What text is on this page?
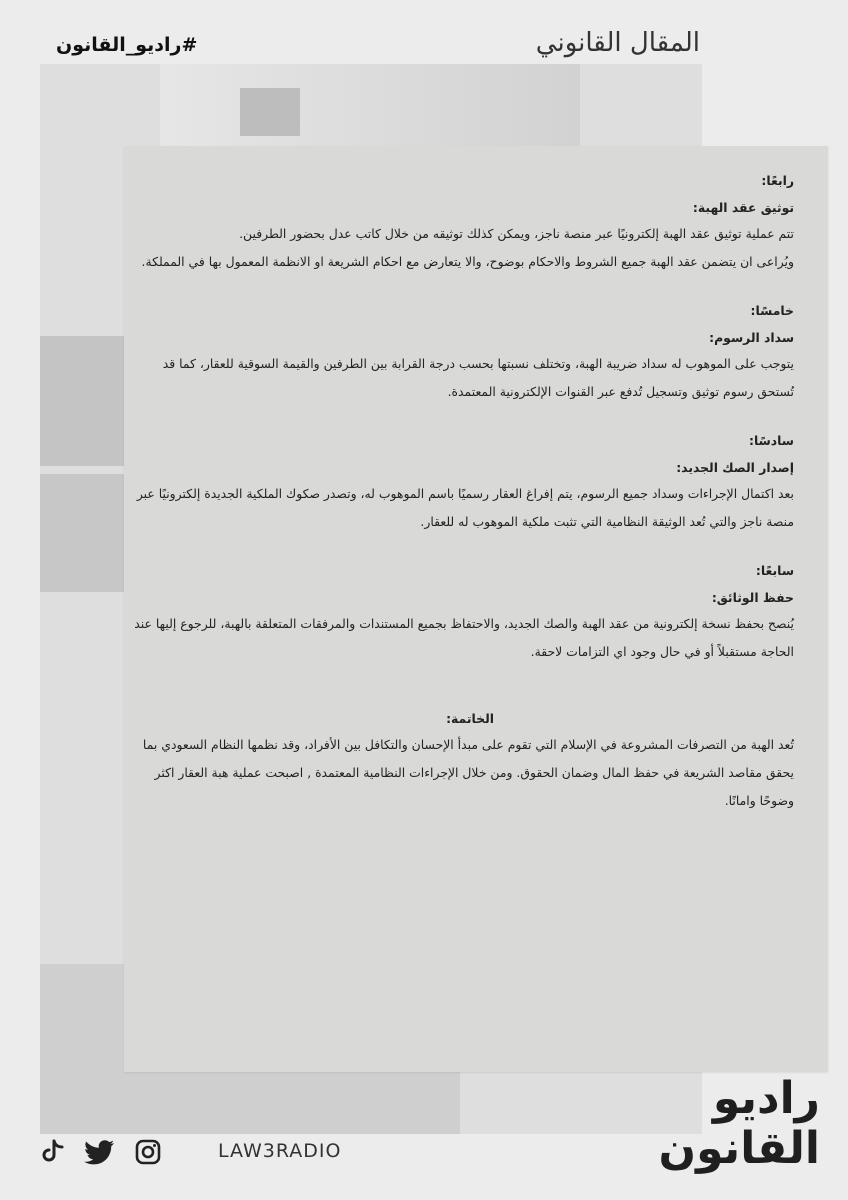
المقال القانوني
#راديو_القانون

رابعًا:

توثيق عقد الهبة:

تتم عملية توثيق عقد الهبة إلكترونيًا عبر منصة ناجز، ويمكن كذلك توثيقه من خلال كاتب عدل بحضور الطرفين.

ويُراعى ان يتضمن عقد الهبة جميع الشروط والاحكام بوضوح، والا يتعارض مع احكام الشريعة او الانظمة المعمول بها في المملكة.

خامسًا:

سداد الرسوم:

يتوجب على الموهوب له سداد ضريبة الهبة، وتختلف نسبتها بحسب درجة القرابة بين الطرفين والقيمة السوقية للعقار، كما قد تُستحق رسوم توثيق وتسجيل تُدفع عبر القنوات الإلكترونية المعتمدة.

سادسًا:

إصدار الصك الجديد:

بعد اكتمال الإجراءات وسداد جميع الرسوم، يتم إفراغ العقار رسميًا باسم الموهوب له، وتصدر صكوك الملكية الجديدة إلكترونيًا عبر منصة ناجز والتي تُعد الوثيقة النظامية التي تثبت ملكية الموهوب له للعقار.

سابعًا:

حفظ الوثائق:

يُنصح بحفظ نسخة إلكترونية من عقد الهبة والصك الجديد، والاحتفاظ بجميع المستندات والمرفقات المتعلقة بالهبة، للرجوع إليها عند الحاجة مستقبلاً أو في حال وجود اي التزامات لاحقة.

الخاتمة:

تُعد الهبة من التصرفات المشروعة في الإسلام التي تقوم على مبدأ الإحسان والتكافل بين الأفراد، وقد نظمها النظام السعودي بما يحقق مقاصد الشريعة في حفظ المال وضمان الحقوق. ومن خلال الإجراءات النظامية المعتمدة , اصبحت عملية هبة العقار اكثر وضوحًا وامانًا.

راديو
القانون
LAW3RADIO
